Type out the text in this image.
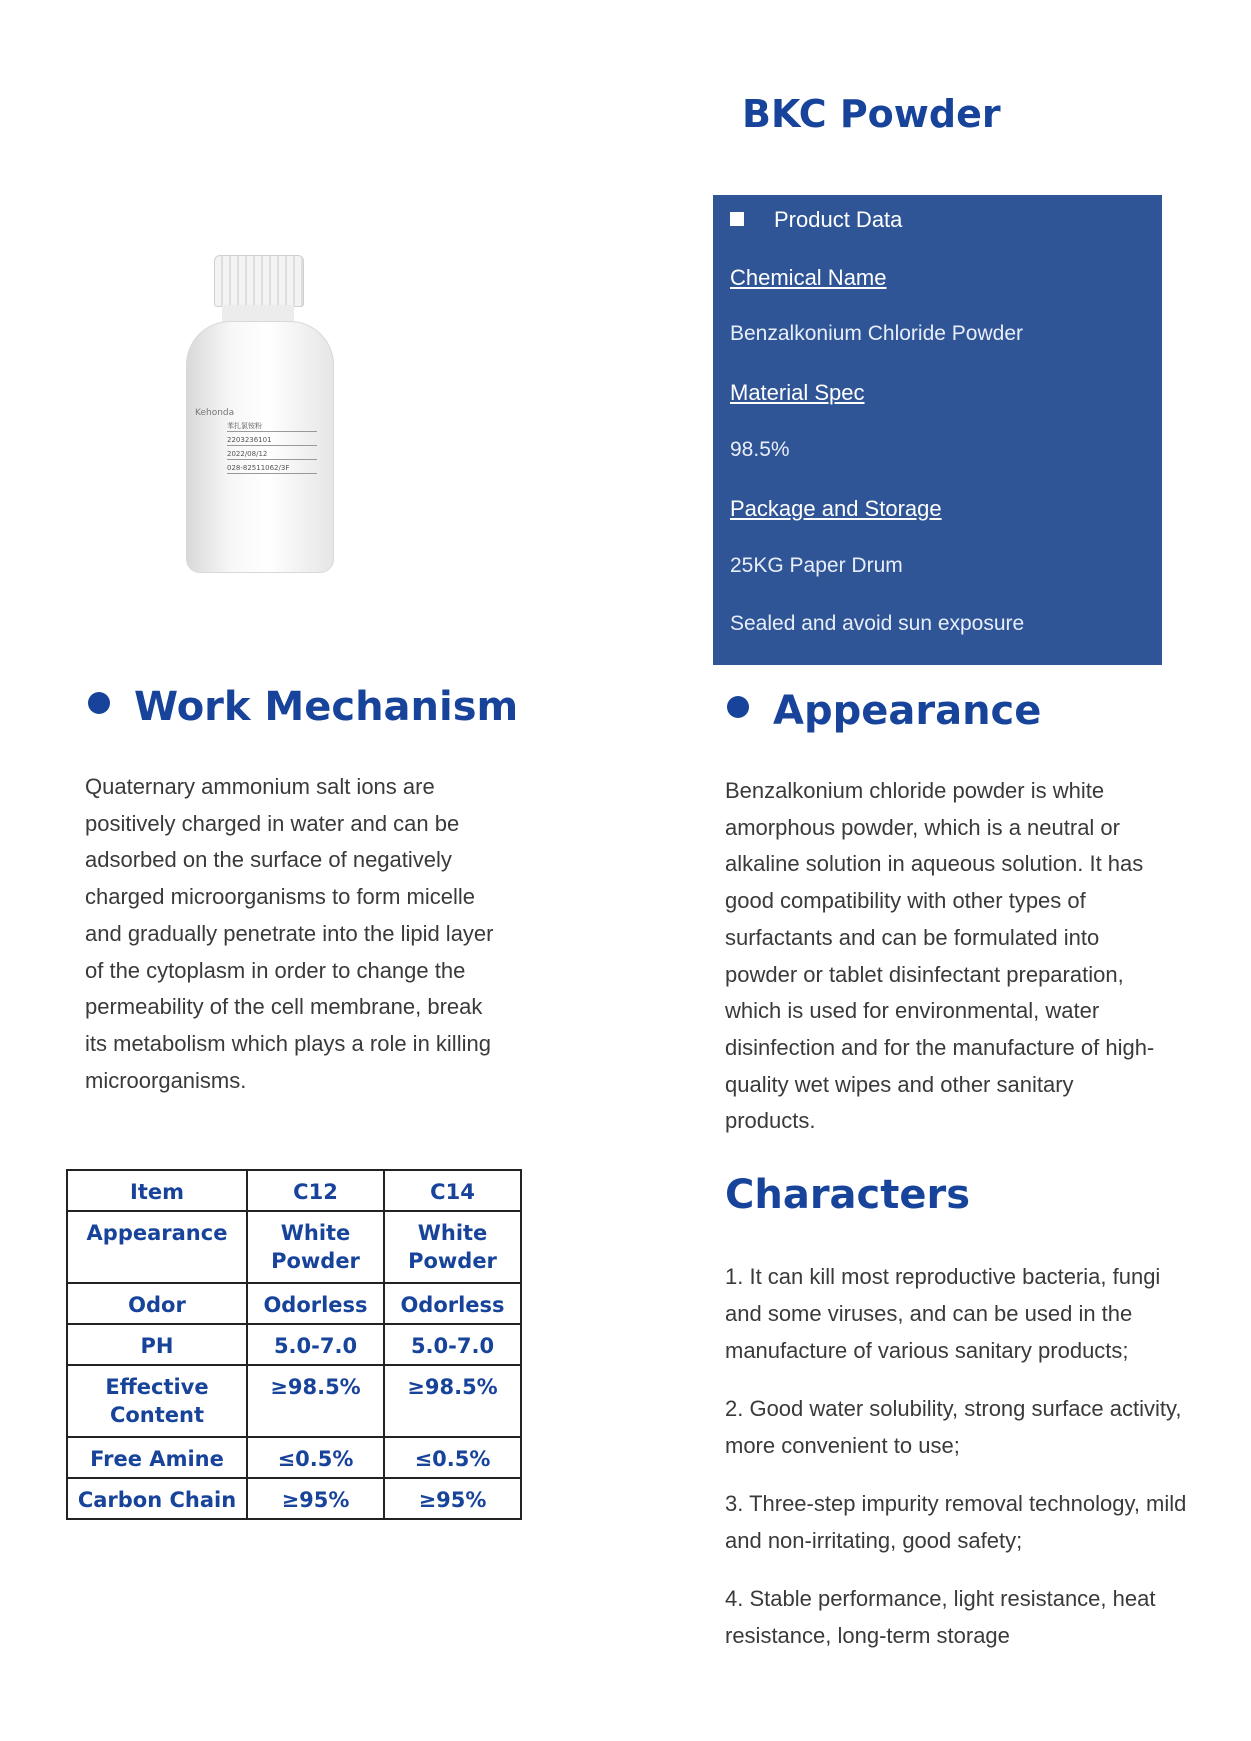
BKC Powder
Kehonda
苯扎氯铵粉
2203236101
2022/08/12
028-82511062/3F
Product Data
Chemical Name
Benzalkonium Chloride Powder
Material Spec
98.5%
Package and Storage
25KG Paper Drum
Sealed and avoid sun exposure
Work Mechanism

Quaternary ammonium salt ions are positively charged in water and can be adsorbed on the surface of negatively charged microorganisms to form micelle and gradually penetrate into the lipid layer of the cytoplasm in order to change the permeability of the cell membrane, break its metabolism which plays a role in killing microorganisms.

Appearance

Benzalkonium chloride powder is white amorphous powder, which is a neutral or alkaline solution in aqueous solution. It has good compatibility with other types of surfactants and can be formulated into powder or tablet disinfectant preparation, which is used for environmental, water disinfection and for the manufacture of high-quality wet wipes and other sanitary products.

Item	C12	C14
Appearance	White Powder	White Powder
Odor	Odorless	Odorless
PH	5.0-7.0	5.0-7.0
Effective Content	≥98.5%	≥98.5%
Free Amine	≤0.5%	≤0.5%
Carbon Chain	≥95%	≥95%
Characters

1. It can kill most reproductive bacteria, fungi and some viruses, and can be used in the manufacture of various sanitary products;

2. Good water solubility, strong surface activity, more convenient to use;

3. Three-step impurity removal technology, mild and non-irritating, good safety;

4. Stable performance, light resistance, heat resistance, long-term storage
